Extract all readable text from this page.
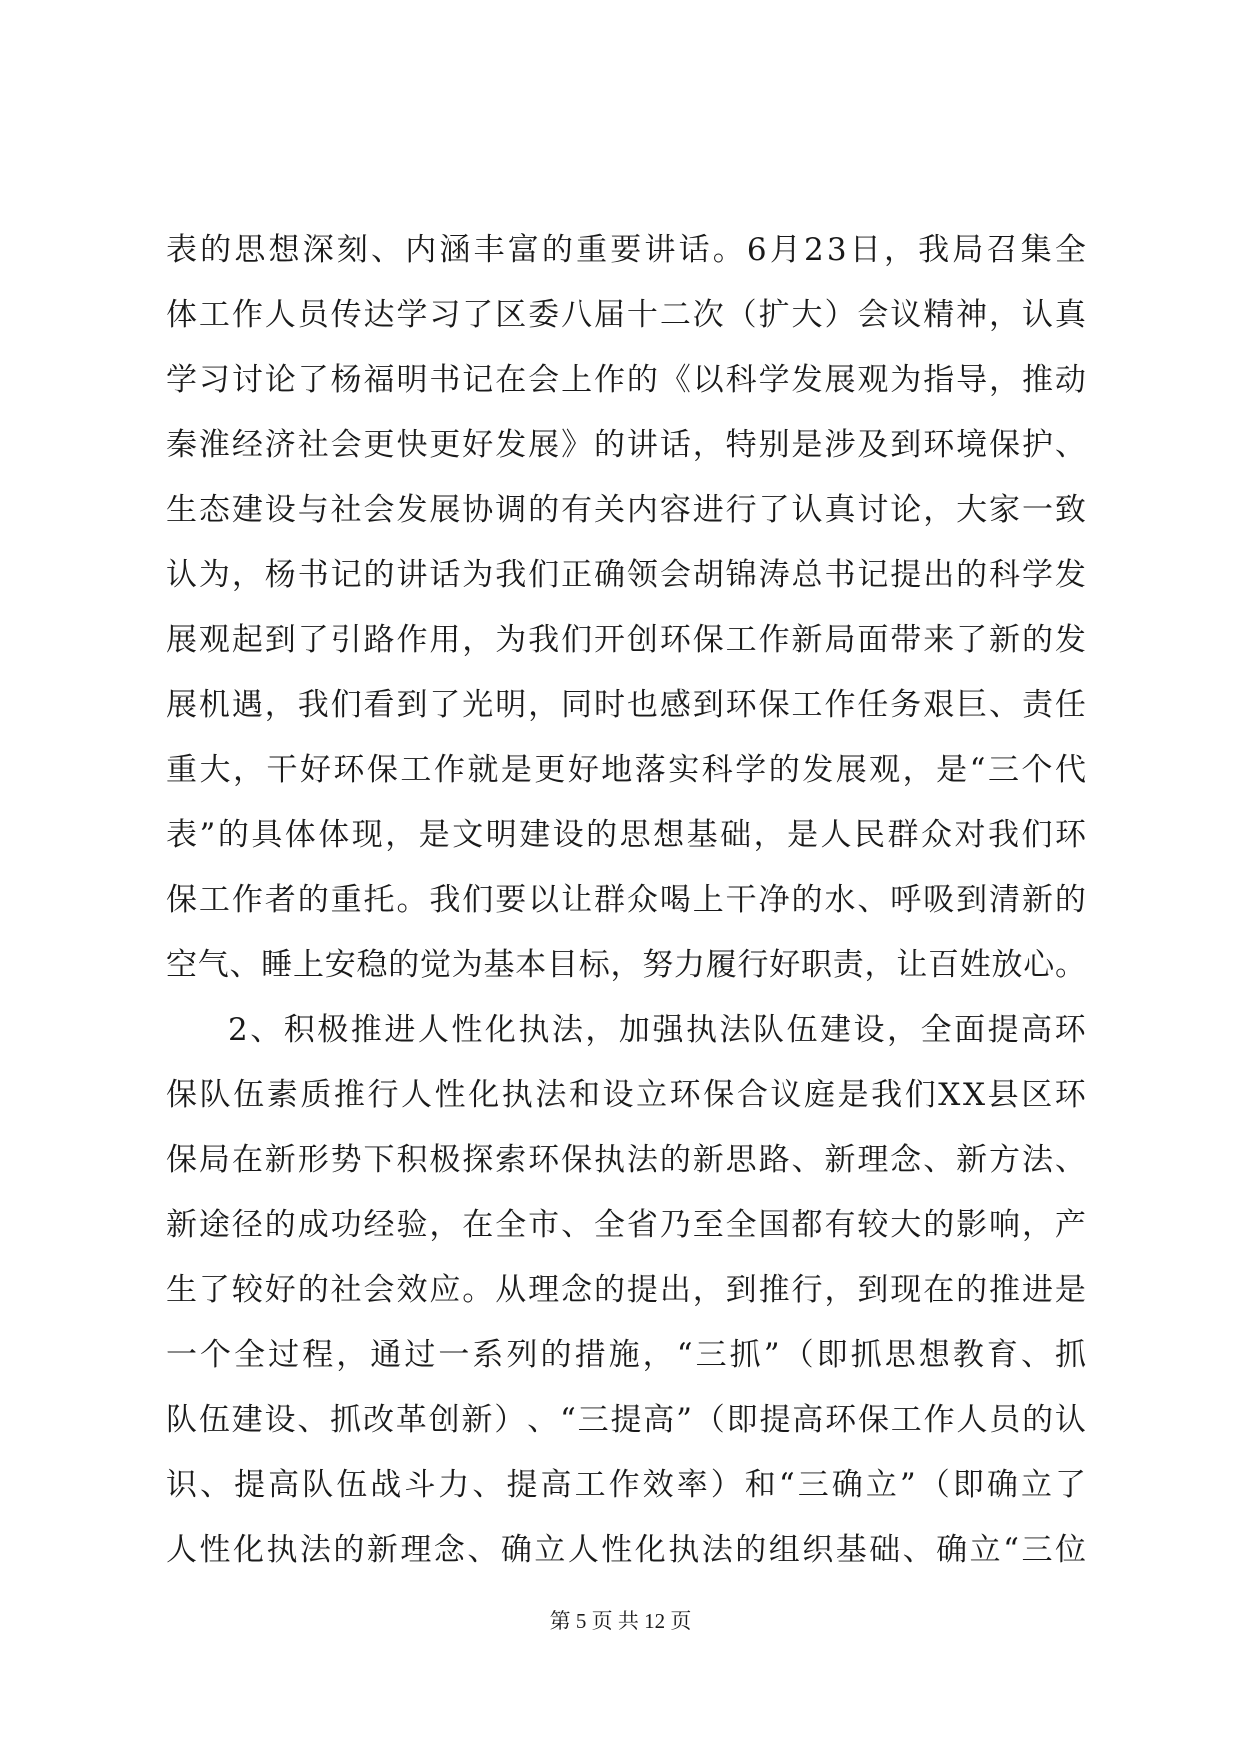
表 的 思 想 深 刻 、 内 涵 丰 富 的 重 要 讲 话 。 6 月 2 3 日 ， 我 局 召 集 全
体 工 作 人 员 传 达 学 习 了 区 委 八 届 十 二 次 （ 扩 大 ） 会 议 精 神 ， 认 真
学 习 讨 论 了 杨 福 明 书 记 在 会 上 作 的 《 以 科 学 发 展 观 为 指 导 ， 推 动
秦 淮 经 济 社 会 更 快 更 好 发 展 》 的 讲 话 ， 特 别 是 涉 及 到 环 境 保 护 、
生 态 建 设 与 社 会 发 展 协 调 的 有 关 内 容 进 行 了 认 真 讨 论 ， 大 家 一 致
认 为 ， 杨 书 记 的 讲 话 为 我 们 正 确 领 会 胡 锦 涛 总 书 记 提 出 的 科 学 发
展 观 起 到 了 引 路 作 用 ， 为 我 们 开 创 环 保 工 作 新 局 面 带 来 了 新 的 发
展 机 遇 ， 我 们 看 到 了 光 明 ， 同 时 也 感 到 环 保 工 作 任 务 艰 巨 、 责 任
重 大 ， 干 好 环 保 工 作 就 是 更 好 地 落 实 科 学 的 发 展 观 ， 是 “ 三 个 代
表 ” 的 具 体 体 现 ， 是 文 明 建 设 的 思 想 基 础 ， 是 人 民 群 众 对 我 们 环
保 工 作 者 的 重 托 。 我 们 要 以 让 群 众 喝 上 干 净 的 水 、 呼 吸 到 清 新 的
空 气 、 睡 上 安 稳 的 觉 为 基 本 目 标 ， 努 力 履 行 好 职 责 ， 让 百 姓 放 心 。
2 、 积 极 推 进 人 性 化 执 法 ， 加 强 执 法 队 伍 建 设 ， 全 面 提 高 环
保 队 伍 素 质 推 行 人 性 化 执 法 和 设 立 环 保 合 议 庭 是 我 们 X X 县 区 环
保 局 在 新 形 势 下 积 极 探 索 环 保 执 法 的 新 思 路 、 新 理 念 、 新 方 法 、
新 途 径 的 成 功 经 验 ， 在 全 市 、 全 省 乃 至 全 国 都 有 较 大 的 影 响 ， 产
生 了 较 好 的 社 会 效 应 。 从 理 念 的 提 出 ， 到 推 行 ， 到 现 在 的 推 进 是
一 个 全 过 程 ， 通 过 一 系 列 的 措 施 ， “ 三 抓 ” （ 即 抓 思 想 教 育 、 抓
队 伍 建 设 、 抓 改 革 创 新 ） 、 “ 三 提 高 ” （ 即 提 高 环 保 工 作 人 员 的 认
识 、 提 高 队 伍 战 斗 力 、 提 高 工 作 效 率 ） 和 “ 三 确 立 ” （ 即 确 立 了
人 性 化 执 法 的 新 理 念 、 确 立 人 性 化 执 法 的 组 织 基 础 、 确 立 “ 三 位
第 5 页 共 12 页
